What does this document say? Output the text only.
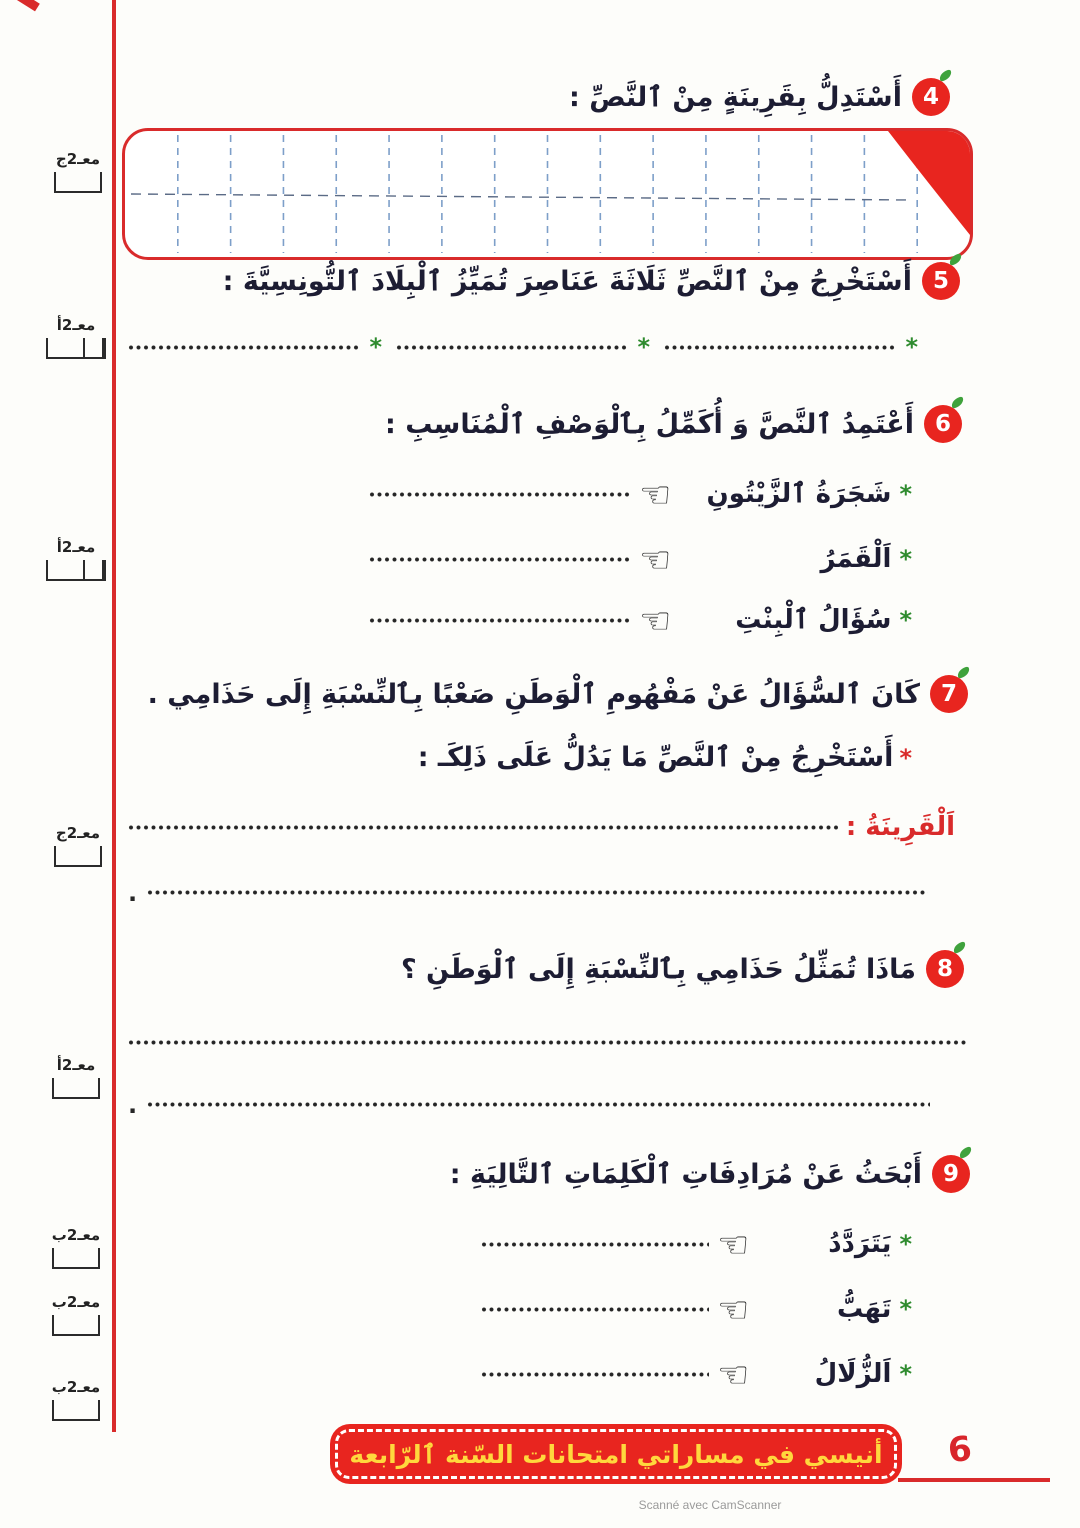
معـ2ج
معـ2أ
معـ2أ
معـ2ج
معـ2أ
معـ2ب
معـ2ب
معـ2ب
4
أَسْتَدِلُّ بِقَرِينَةٍ مِنْ ٱلنَّصِّ :
5
أَسْتَخْرِجُ مِنْ ٱلنَّصِّ ثَلَاثَةَ عَنَاصِرَ تُمَيِّزُ ٱلْبِلَادَ ٱلتُّونِسِيَّةَ :
*
*
*
6
أَعْتَمِدُ ٱلنَّصَّ وَ أُكَمِّلُ بِٱلْوَصْفِ ٱلْمُنَاسِبِ :
*
شَجَرَةُ ٱلزَّيْتُونِ
☜
*
اَلْقَمَرُ
☜
*
سُؤَالُ ٱلْبِنْتِ
☜
7
كَانَ ٱلسُّؤَالُ عَنْ مَفْهُومِ ٱلْوَطَنِ صَعْبًا بِٱلنِّسْبَةِ إِلَى حَذَامِي .
*
أَسْتَخْرِجُ مِنْ ٱلنَّصِّ مَا يَدُلُّ عَلَى ذَلِكَـ :
اَلْقَرِينَةُ :
.
8
مَاذَا تُمَثِّلُ حَذَامِي بِٱلنِّسْبَةِ إِلَى ٱلْوَطَنِ ؟
.
9
أَبْحَثُ عَنْ مُرَادِفَاتِ ٱلْكَلِمَاتِ ٱلتَّالِيَةِ :
*
يَتَرَدَّدُ
☜
*
تَهَبُّ
☜
*
اَلزُّلَالُ
☜
أنيسي في مساراتي امتحانات السّنة ٱلرّابعة 6
Scanné avec CamScanner
